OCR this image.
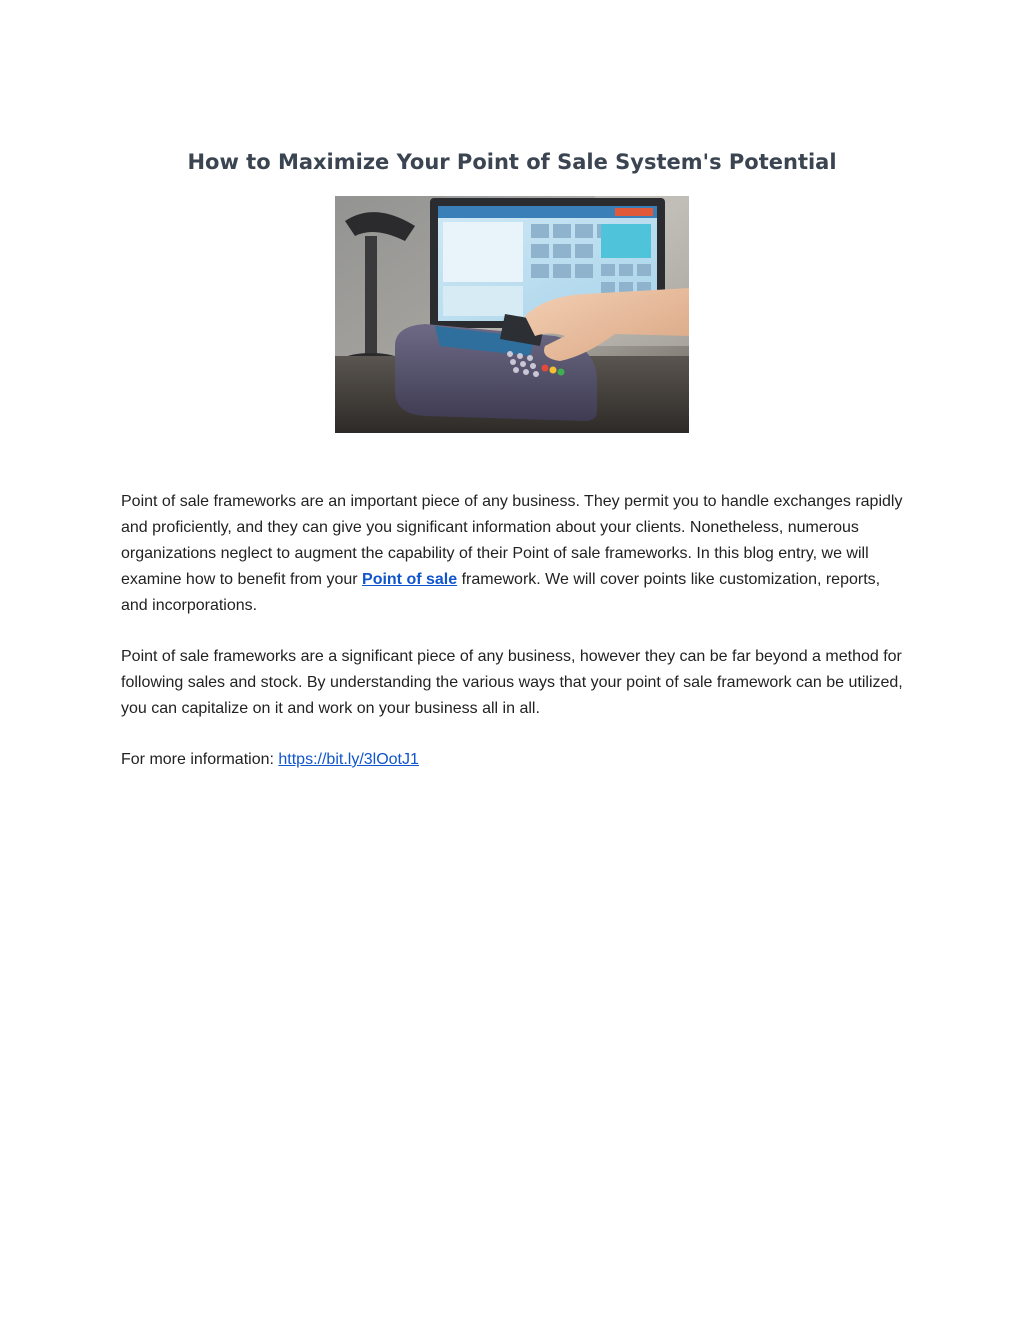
How to Maximize Your Point of Sale System's Potential

Point of sale frameworks are an important piece of any business. They permit you to handle exchanges rapidly and proficiently, and they can give you significant information about your clients. Nonetheless, numerous organizations neglect to augment the capability of their Point of sale frameworks. In this blog entry, we will examine how to benefit from your Point of sale framework. We will cover points like customization, reports, and incorporations.

Point of sale frameworks are a significant piece of any business, however they can be far beyond a method for following sales and stock. By understanding the various ways that your point of sale framework can be utilized, you can capitalize on it and work on your business all in all.

For more information: https://bit.ly/3lOotJ1
